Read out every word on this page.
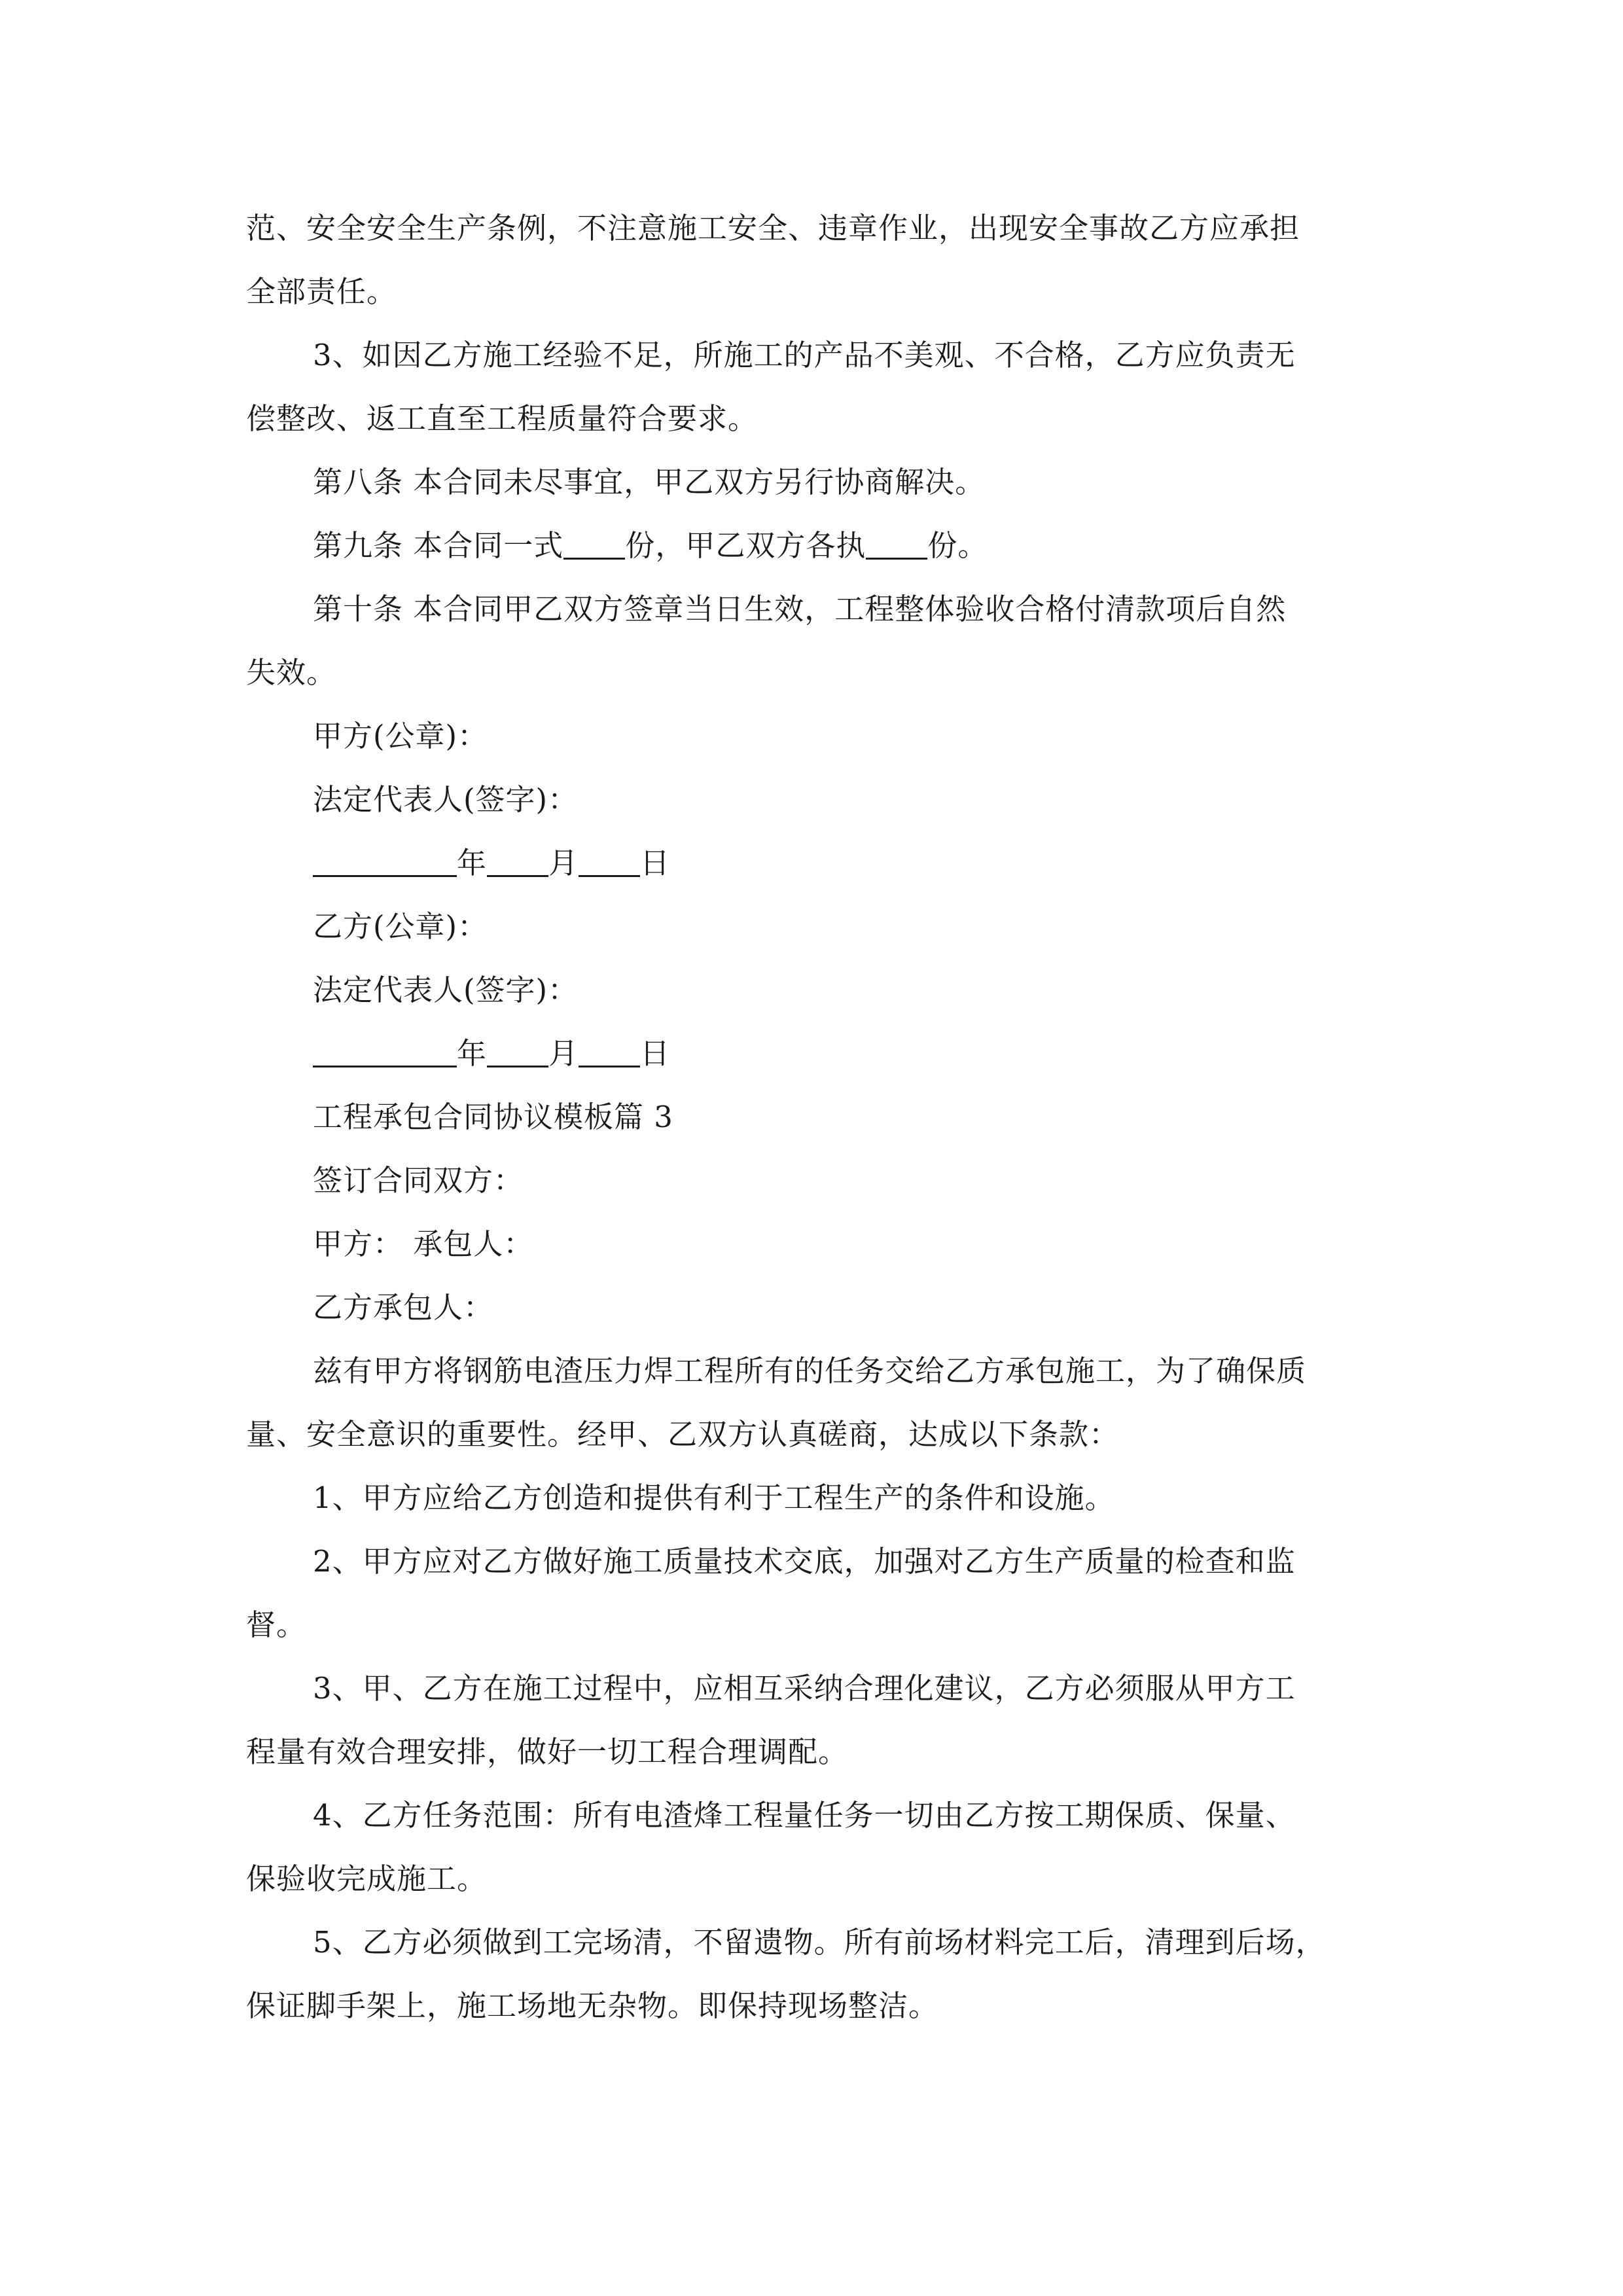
范、安全安全生产条例，不注意施工安全、违章作业，出现安全事故乙方应承担
全部责任。
3、如因乙方施工经验不足，所施工的产品不美观、不合格，乙方应负责无
偿整改、返工直至工程质量符合要求。
第八条 本合同未尽事宜，甲乙双方另行协商解决。
第九条 本合同一式 份，甲乙双方各执 份。
第十条 本合同甲乙双方签章当日生效，工程整体验收合格付清款项后自然
失效。
甲方(公章)：
法定代表人(签字)：
年 月 日
乙方(公章)：
法定代表人(签字)：
年 月 日
工程承包合同协议模板篇 3
签订合同双方：
甲方： 承包人：
乙方承包人：
兹有甲方将钢筋电渣压力焊工程所有的任务交给乙方承包施工，为了确保质
量、安全意识的重要性。经甲、乙双方认真磋商，达成以下条款：
1、甲方应给乙方创造和提供有利于工程生产的条件和设施。
2、甲方应对乙方做好施工质量技术交底，加强对乙方生产质量的检查和监
督。
3、甲、乙方在施工过程中，应相互采纳合理化建议，乙方必须服从甲方工
程量有效合理安排，做好一切工程合理调配。
4、乙方任务范围：所有电渣烽工程量任务一切由乙方按工期保质、保量、
保验收完成施工。
5、乙方必须做到工完场清，不留遗物。所有前场材料完工后，清理到后场，
保证脚手架上，施工场地无杂物。即保持现场整洁。
